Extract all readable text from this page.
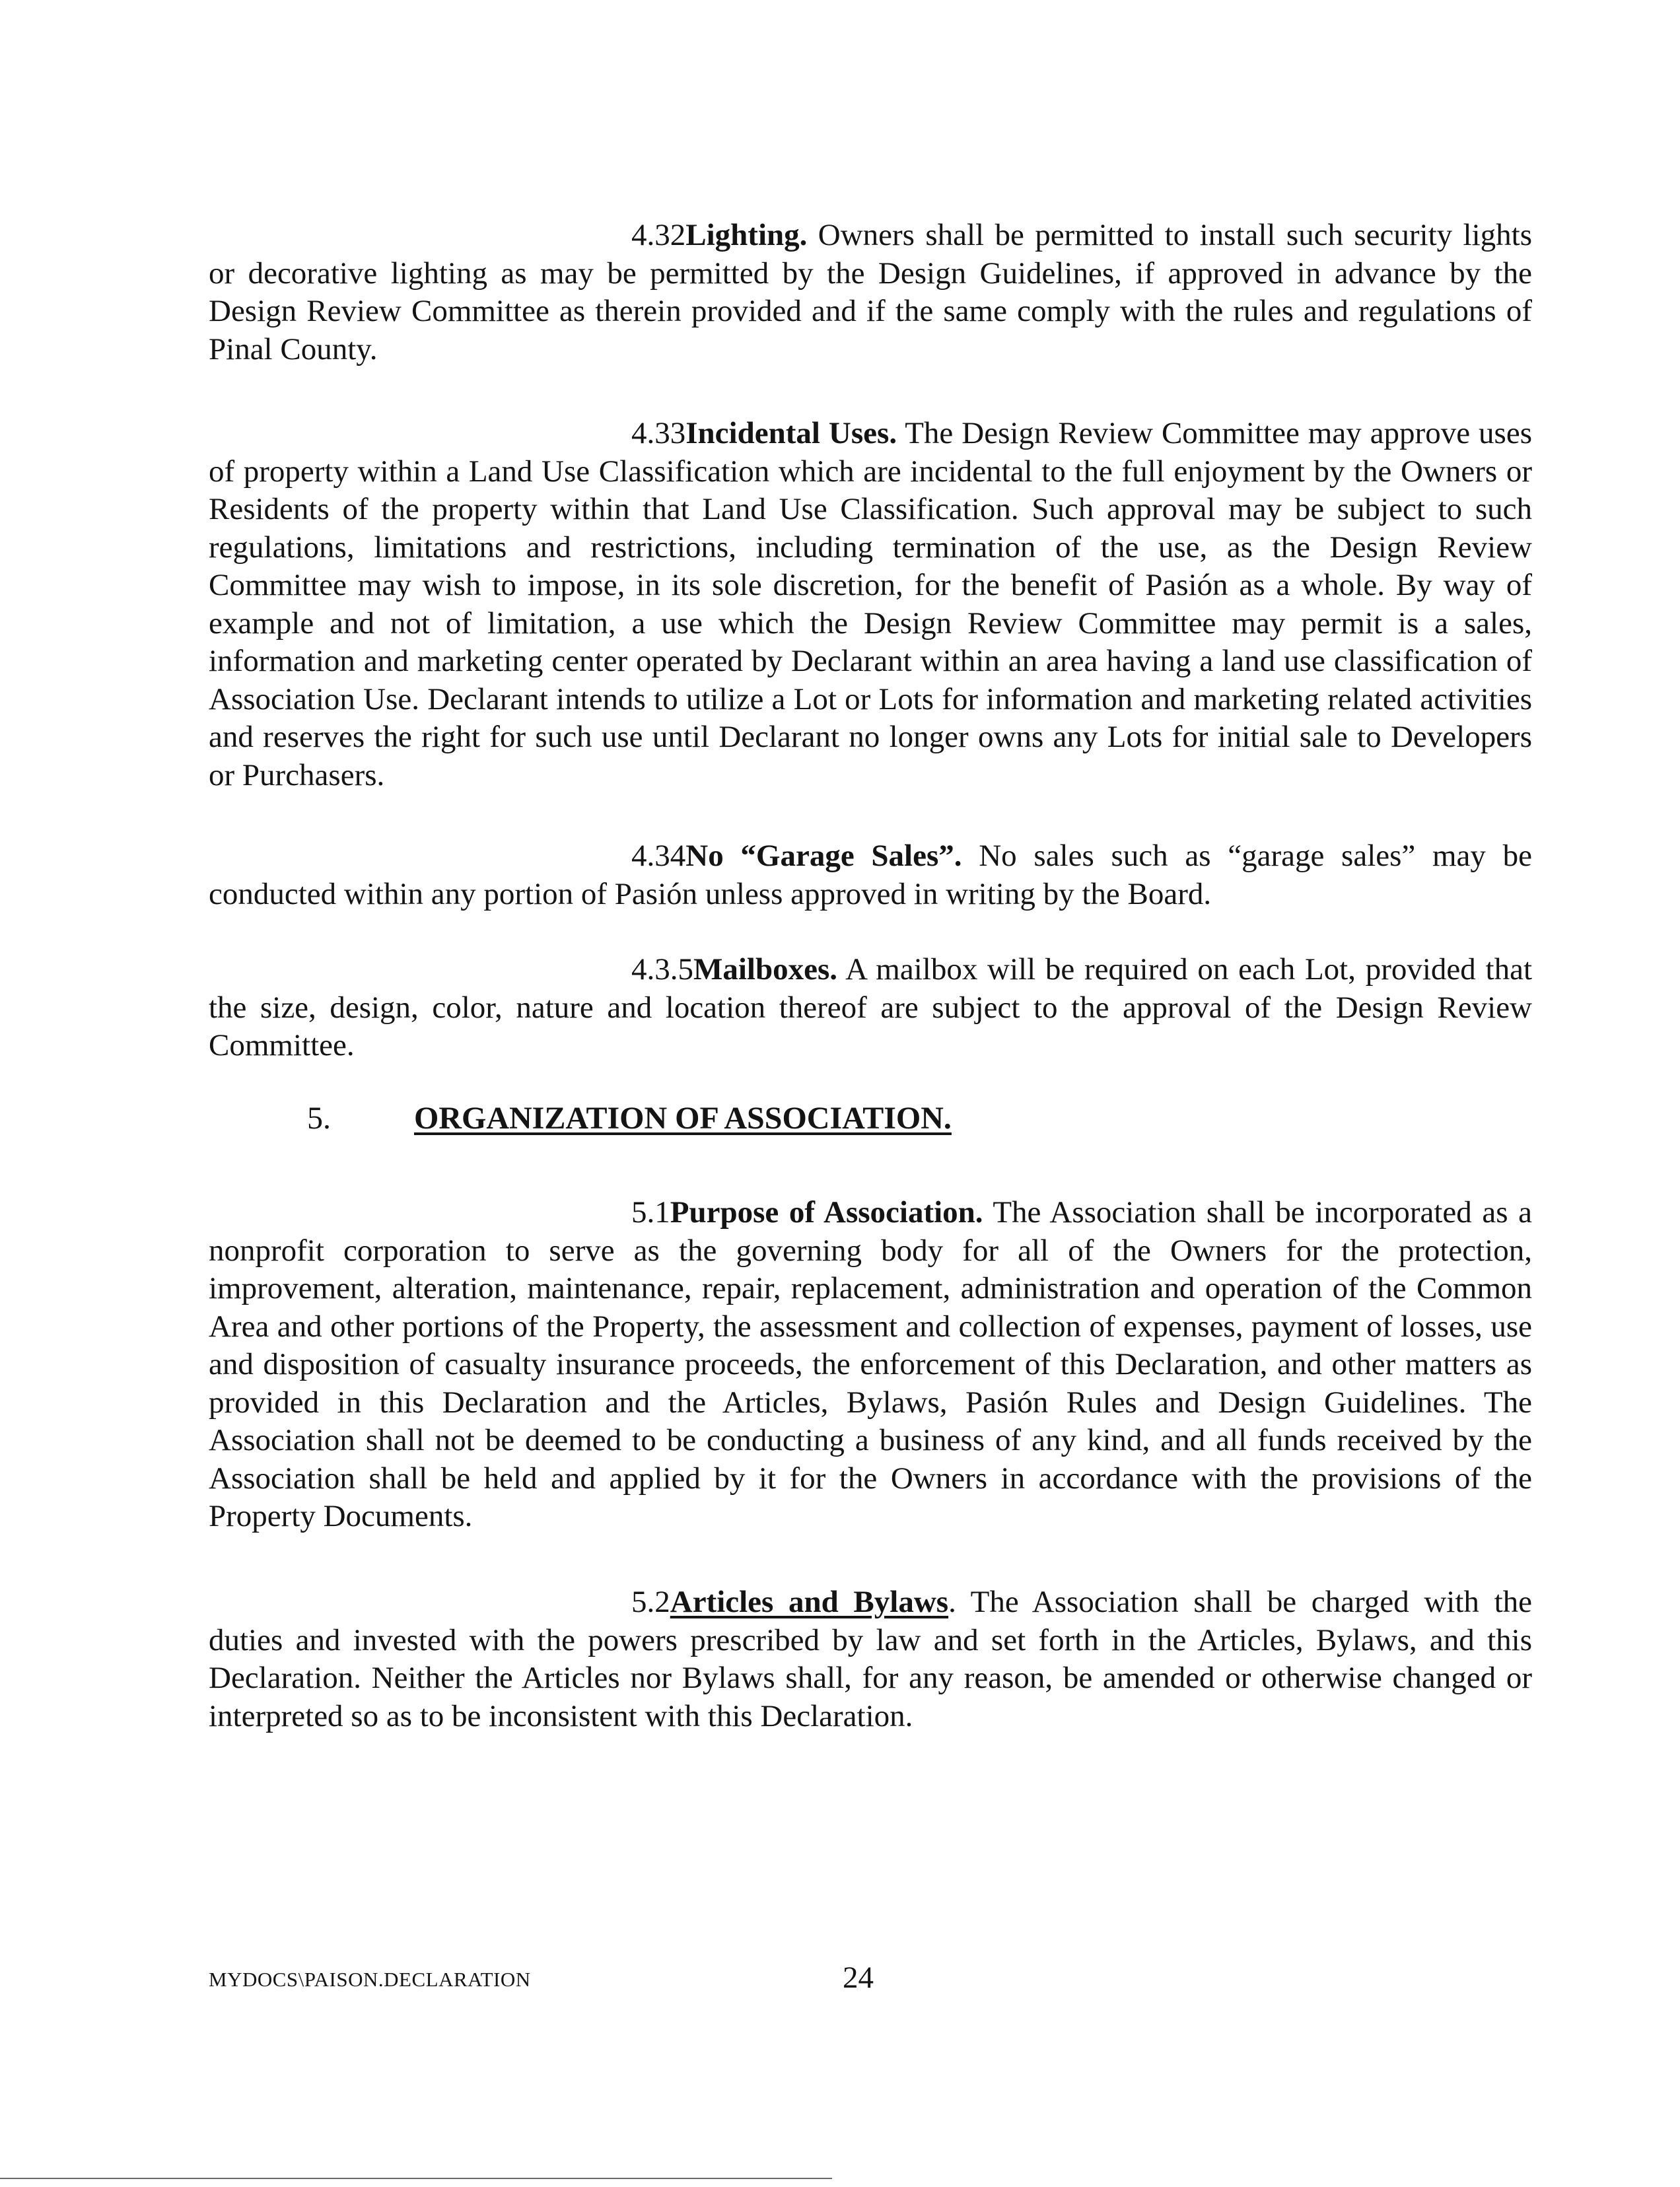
4.32Lighting. Owners shall be permitted to install such security lights or decorative lighting as may be permitted by the Design Guidelines, if approved in advance by the Design Review Committee as therein provided and if the same comply with the rules and regulations of Pinal County.

4.33Incidental Uses. The Design Review Committee may approve uses of property within a Land Use Classification which are incidental to the full enjoyment by the Owners or Residents of the property within that Land Use Classification. Such approval may be subject to such regulations, limitations and restrictions, including termination of the use, as the Design Review Committee may wish to impose, in its sole discretion, for the benefit of Pasión as a whole. By way of example and not of limitation, a use which the Design Review Committee may permit is a sales, information and marketing center operated by Declarant within an area having a land use classification of Association Use. Declarant intends to utilize a Lot or Lots for information and marketing related activities and reserves the right for such use until Declarant no longer owns any Lots for initial sale to Developers or Purchasers.

4.34No “Garage Sales”. No sales such as “garage sales” may be conducted within any portion of Pasión unless approved in writing by the Board.

4.3.5Mailboxes. A mailbox will be required on each Lot, provided that the size, design, color, nature and location thereof are subject to the approval of the Design Review Committee.

5.	ORGANIZATION OF ASSOCIATION.

5.1Purpose of Association. The Association shall be incorporated as a nonprofit corporation to serve as the governing body for all of the Owners for the protection, improvement, alteration, maintenance, repair, replacement, administration and operation of the Common Area and other portions of the Property, the assessment and collection of expenses, payment of losses, use and disposition of casualty insurance proceeds, the enforcement of this Declaration, and other matters as provided in this Declaration and the Articles, Bylaws, Pasión Rules and Design Guidelines. The Association shall not be deemed to be conducting a business of any kind, and all funds received by the Association shall be held and applied by it for the Owners in accordance with the provisions of the Property Documents.

5.2Articles and Bylaws. The Association shall be charged with the duties and invested with the powers prescribed by law and set forth in the Articles, Bylaws, and this Declaration. Neither the Articles nor Bylaws shall, for any reason, be amended or otherwise changed or interpreted so as to be inconsistent with this Declaration.

MYDOCS\PAISON.DECLARATION	24
